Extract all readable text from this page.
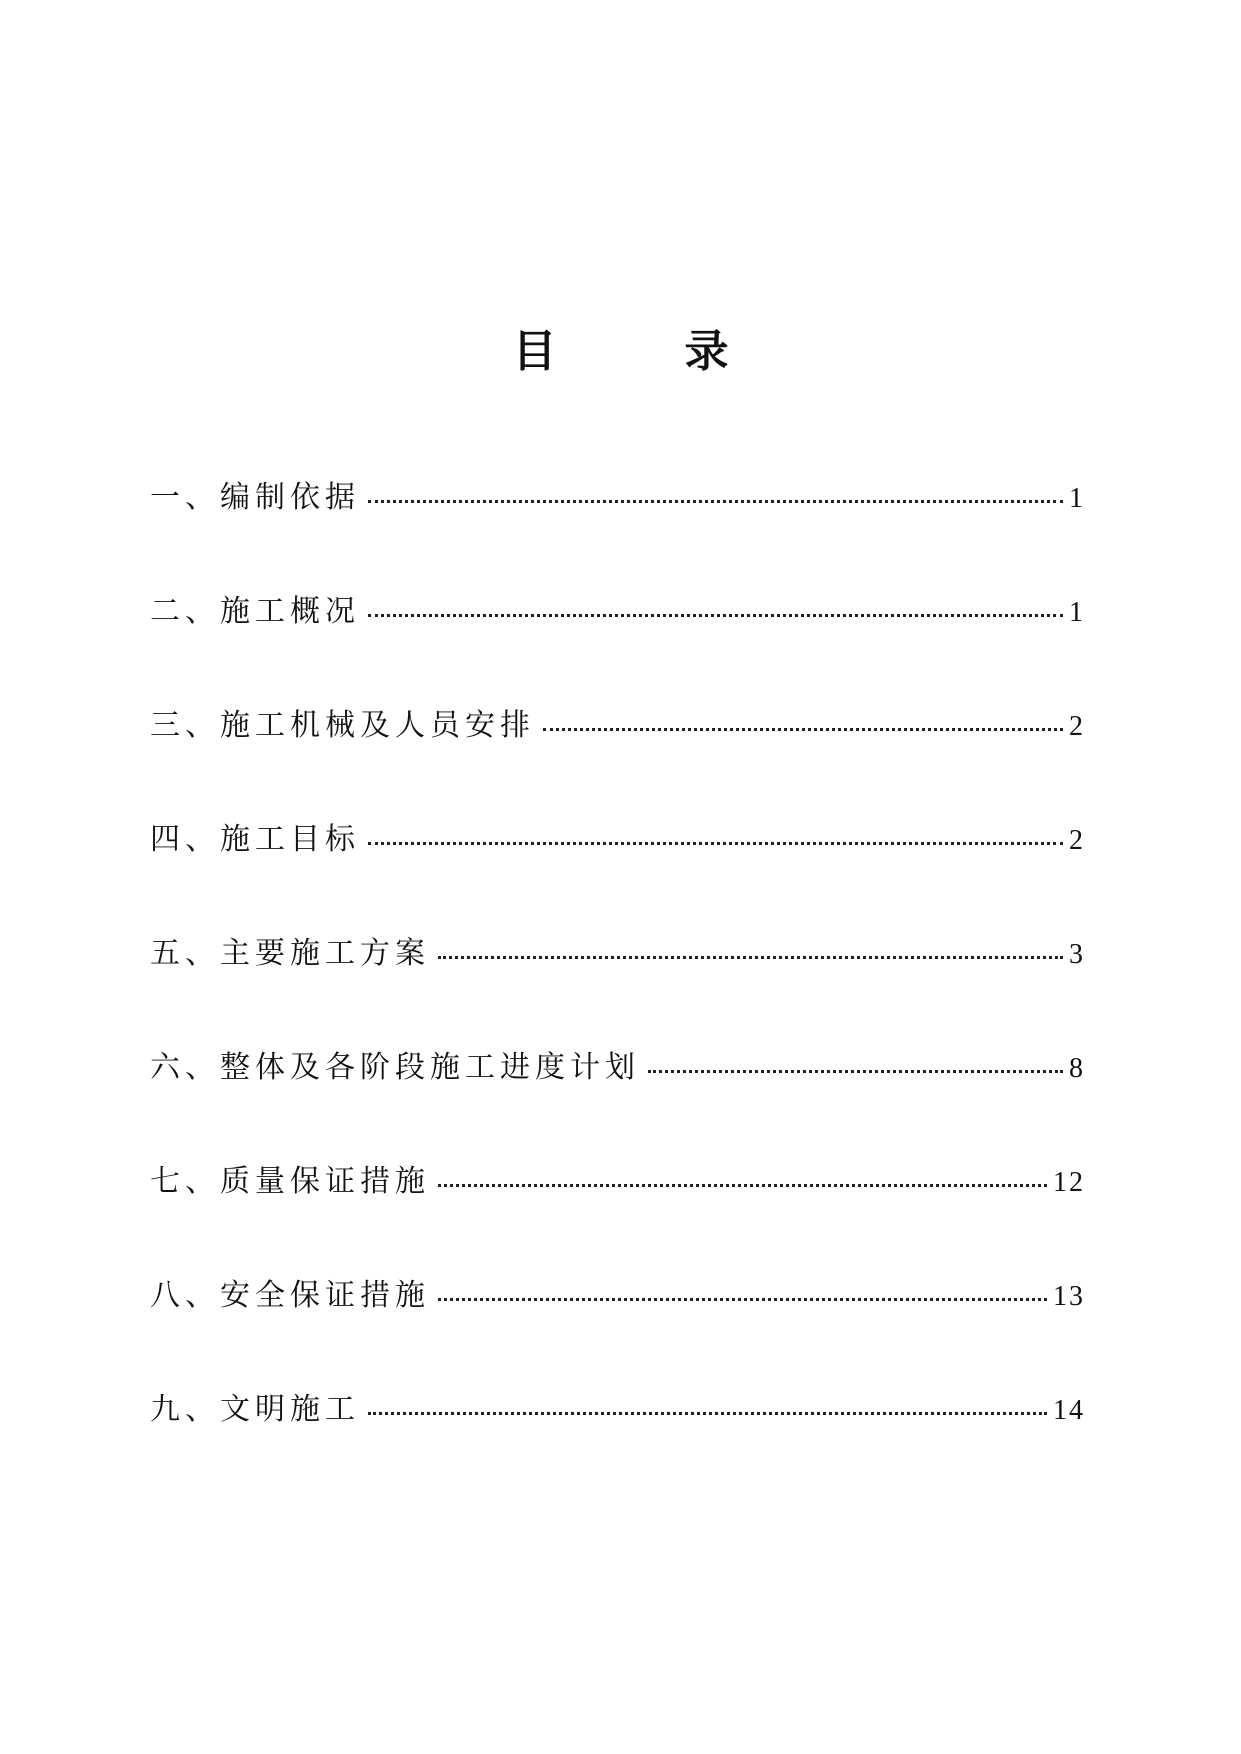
目　录
一、编制依据	1
二、施工概况	1
三、施工机械及人员安排	2
四、施工目标	2
五、主要施工方案	3
六、整体及各阶段施工进度计划	8
七、质量保证措施	12
八、安全保证措施	13
九、文明施工	14
